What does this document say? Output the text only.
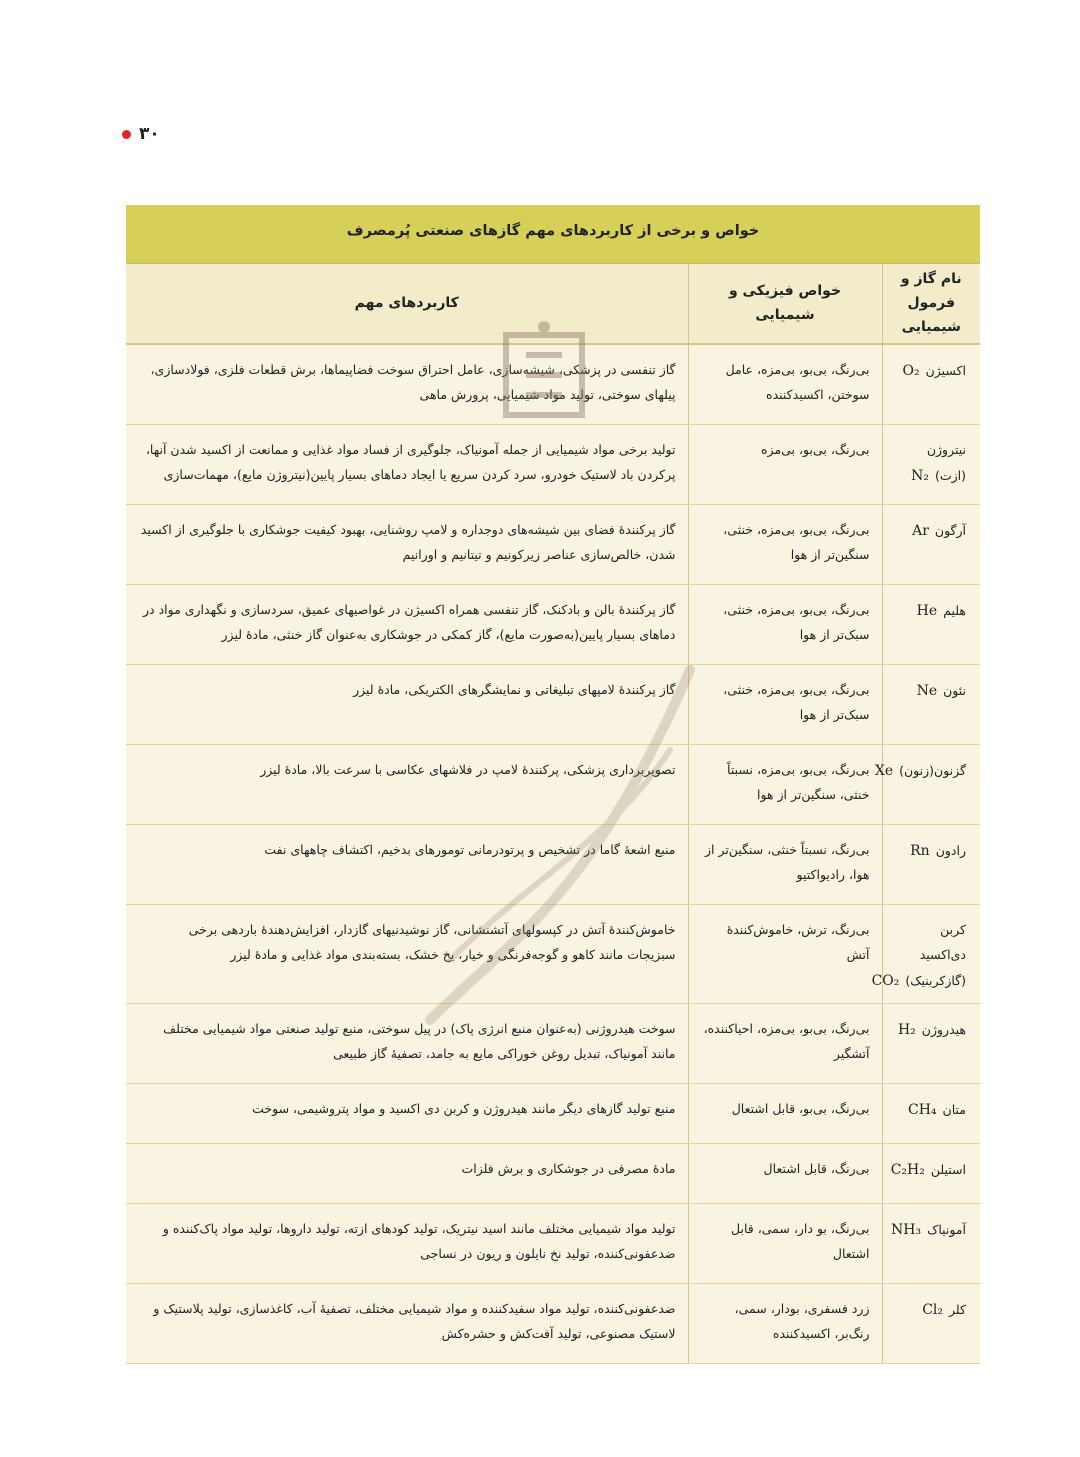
۳۰
خواص و برخی از کاربردهای مهم گازهای صنعتی پُرمصرف		
نام گاز و فرمول شیمیایی	خواص فیزیکی و شیمیایی	کاربردهای مهم
اکسیژنO₂	بی‌رنگ، بی‌بو، بی‌مزه، عامل سوختن، اکسیدکننده	گاز تنفسی در پزشکی، شیشه‌سازی، عامل احتراق سوخت فضاپیماها، برش قطعات فلزی، فولادسازی، پیلهای سوختی، تولید مواد شیمیایی، پرورش ماهی
نیتروژن (ازت)N₂	بی‌رنگ، بی‌بو، بی‌مزه	تولید برخی مواد شیمیایی از جمله آمونیاک، جلوگیری از فساد مواد غذایی و ممانعت از اکسید شدن آنها، پرکردن باد لاستیک خودرو، سرد کردن سریع یا ایجاد دماهای بسیار پایین(نیتروژن مایع)، مهمات‌سازی
آرگونAr	بی‌رنگ، بی‌بو، بی‌مزه، خنثی، سنگین‌تر از هوا	گاز پرکنندهٔ فضای بین شیشه‌های دوجداره و لامپ روشنایی، بهبود کیفیت جوشکاری با جلوگیری از اکسید شدن، خالص‌سازی عناصر زیرکونیم و تیتانیم و اورانیم
هلیمHe	بی‌رنگ، بی‌بو، بی‌مزه، خنثی، سبک‌تر از هوا	گاز پرکنندهٔ بالن و بادکنک، گاز تنفسی همراه اکسیژن در غواصیهای عمیق، سردسازی و نگهداری مواد در دماهای بسیار پایین(به‌صورت مایع)، گاز کمکی در جوشکاری به‌عنوان گاز خنثی، مادهٔ لیزر
نئونNe	بی‌رنگ، بی‌بو، بی‌مزه، خنثی، سبک‌تر از هوا	گاز پرکنندهٔ لامپهای تبلیغاتی و نمایشگرهای الکتریکی، مادهٔ لیزر
گزنون(زنون)Xe	بی‌رنگ، بی‌بو، بی‌مزه، نسبتاً خنثی، سنگین‌تر از هوا	تصویربرداری پزشکی، پرکنندهٔ لامپ در فلاشهای عکاسی با سرعت بالا، مادهٔ لیزر
رادونRn	بی‌رنگ، نسبتاً خنثی، سنگین‌تر از هوا، رادیواکتیو	منبع اشعهٔ گاما در تشخیص و پرتودرمانی تومورهای بدخیم، اکتشاف چاههای نفت
کربن دی‌اکسید (گازکربنیک)CO₂	بی‌رنگ، ترش، خاموش‌کنندهٔ آتش	خاموش‌کنندهٔ آتش در کپسولهای آتشنشانی، گاز نوشیدنیهای گازدار، افزایش‌دهندهٔ باردهی برخی سبزیجات مانند کاهو و گوجه‌فرنگی و خیار، یخ خشک، بسته‌بندی مواد غذایی و مادهٔ لیزر
هیدروژنH₂	بی‌رنگ، بی‌بو، بی‌مزه، احیاکننده، آتشگیر	سوخت هیدروژنی (به‌عنوان منبع انرژی پاک) در پیل سوختی، منبع تولید صنعتی مواد شیمیایی مختلف مانند آمونیاک، تبدیل روغن خوراکی مایع به جامد، تصفیهٔ گاز طبیعی
متانCH₄	بی‌رنگ، بی‌بو، قابل اشتعال	منبع تولید گازهای دیگر مانند هیدروژن و کربن دی اکسید و مواد پتروشیمی، سوخت
استیلنC₂H₂	بی‌رنگ، قابل اشتعال	مادهٔ مصرفی در جوشکاری و برش فلزات
آمونیاکNH₃	بی‌رنگ، بو دار، سمی، قابل اشتعال	تولید مواد شیمیایی مختلف مانند اسید نیتریک، تولید کودهای ازته، تولید داروها، تولید مواد پاک‌کننده و ضدعفونی‌کننده، تولید نخ نایلون و ریون در نساجی
کلرCl₂	زرد فسفری، بودار، سمی، رنگ‌بر، اکسیدکننده	ضدعفونی‌کننده، تولید مواد سفیدکننده و مواد شیمیایی مختلف، تصفیهٔ آب، کاغذسازی، تولید پلاستیک و لاستیک مصنوعی، تولید آفت‌کش و حشره‌کش
